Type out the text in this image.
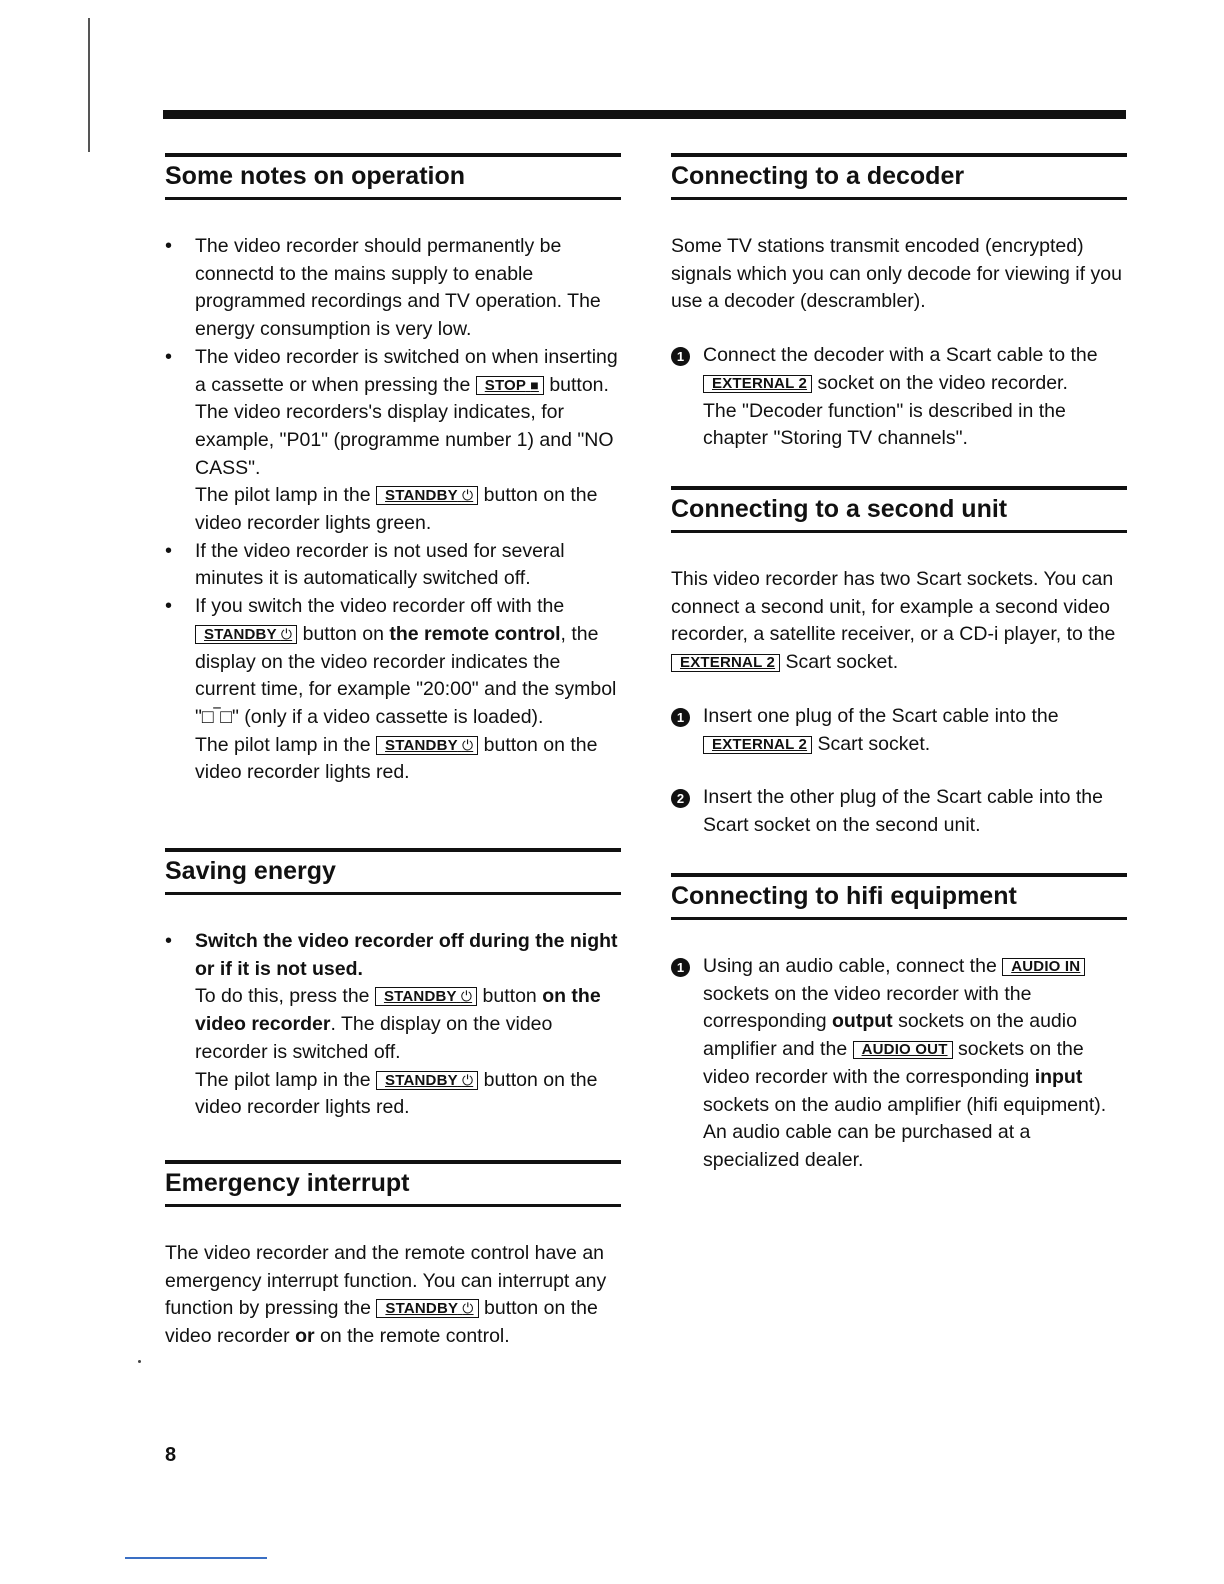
Some notes on operation
• The video recorder should permanently be connectd to the mains supply to enable programmed recordings and TV operation. The energy consumption is very low.
• The video recorder is switched on when inserting a cassette or when pressing the STOP ■ button.
The video recorders's display indicates, for example, "P01" (programme number 1) and "NO CASS".
The pilot lamp in the STANDBY ⏻ button on the video recorder lights green.
• If the video recorder is not used for several minutes it is automatically switched off.
• If you switch the video recorder off with the STANDBY ⏻ button on the remote control, the display on the video recorder indicates the current time, for example "20:00" and the symbol "□‾□" (only if a video cassette is loaded).
The pilot lamp in the STANDBY ⏻ button on the video recorder lights red.
Saving energy
• Switch the video recorder off during the night or if it is not used.
To do this, press the STANDBY ⏻ button on the video recorder. The display on the video recorder is switched off.
The pilot lamp in the STANDBY ⏻ button on the video recorder lights red.
Emergency interrupt

The video recorder and the remote control have an emergency interrupt function. You can interrupt any function by pressing the STANDBY ⏻ button on the video recorder or on the remote control.

Connecting to a decoder

Some TV stations transmit encoded (encrypted) signals which you can only decode for viewing if you use a decoder (descrambler).

1 Connect the decoder with a Scart cable to the EXTERNAL 2 socket on the video recorder.
The "Decoder function" is described in the chapter "Storing TV channels".
Connecting to a second unit

This video recorder has two Scart sockets. You can connect a second unit, for example a second video recorder, a satellite receiver, or a CD-i player, to the EXTERNAL 2 Scart socket.

1 Insert one plug of the Scart cable into the EXTERNAL 2 Scart socket.
2 Insert the other plug of the Scart cable into the Scart socket on the second unit.
Connecting to hifi equipment
1 Using an audio cable, connect the AUDIO IN sockets on the video recorder with the corresponding output sockets on the audio amplifier and the AUDIO OUT sockets on the video recorder with the corresponding input sockets on the audio amplifier (hifi equipment). An audio cable can be purchased at a specialized dealer.
8
